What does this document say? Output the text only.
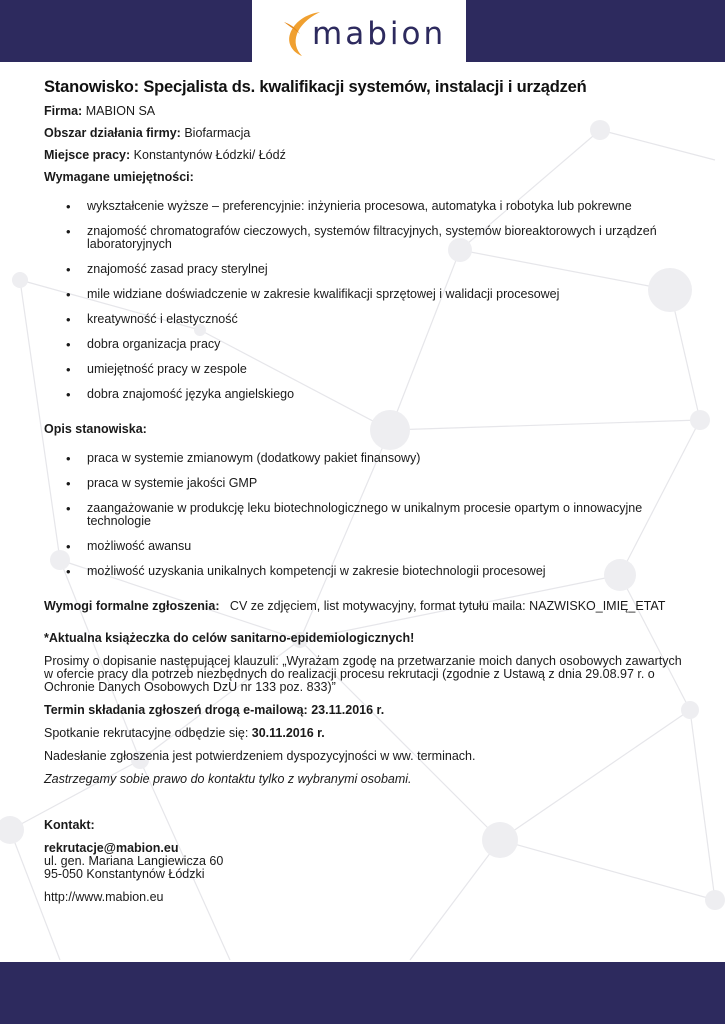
mabion
Stanowisko: Specjalista ds. kwalifikacji systemów, instalacji i urządzeń
Firma: MABION SA
Obszar działania firmy: Biofarmacja
Miejsce pracy: Konstantynów Łódzki/ Łódź
Wymagane umiejętności:
• wykształcenie wyższe – preferencyjnie: inżynieria procesowa, automatyka i robotyka lub pokrewne
• znajomość chromatografów cieczowych, systemów filtracyjnych, systemów bioreaktorowych i urządzeń laboratoryjnych
• znajomość zasad pracy sterylnej
• mile widziane doświadczenie w zakresie kwalifikacji sprzętowej i walidacji procesowej
• kreatywność i elastyczność
• dobra organizacja pracy
• umiejętność pracy w zespole
• dobra znajomość języka angielskiego
Opis stanowiska:
• praca w systemie zmianowym (dodatkowy pakiet finansowy)
• praca w systemie jakości GMP
• zaangażowanie w produkcję leku biotechnologicznego w unikalnym procesie opartym o innowacyjne technologie
• możliwość awansu
• możliwość uzyskania unikalnych kompetencji w zakresie biotechnologii procesowej
Wymogi formalne zgłoszenia: CV ze zdjęciem, list motywacyjny, format tytułu maila: NAZWISKO_IMIĘ_ETAT
*Aktualna książeczka do celów sanitarno-epidemiologicznych!
Prosimy o dopisanie następującej klauzuli: „Wyrażam zgodę na przetwarzanie moich danych osobowych zawartych w ofercie pracy dla potrzeb niezbędnych do realizacji procesu rekrutacji (zgodnie z Ustawą z dnia 29.08.97 r. o Ochronie Danych Osobowych DzU nr 133 poz. 833)”
Termin składania zgłoszeń drogą e-mailową: 23.11.2016 r.
Spotkanie rekrutacyjne odbędzie się: 30.11.2016 r.
Nadesłanie zgłoszenia jest potwierdzeniem dyspozycyjności w ww. terminach.
Zastrzegamy sobie prawo do kontaktu tylko z wybranymi osobami.
Kontakt:
rekrutacje@mabion.eu
ul. gen. Mariana Langiewicza 60
95-050 Konstantynów Łódzki
http://www.mabion.eu
